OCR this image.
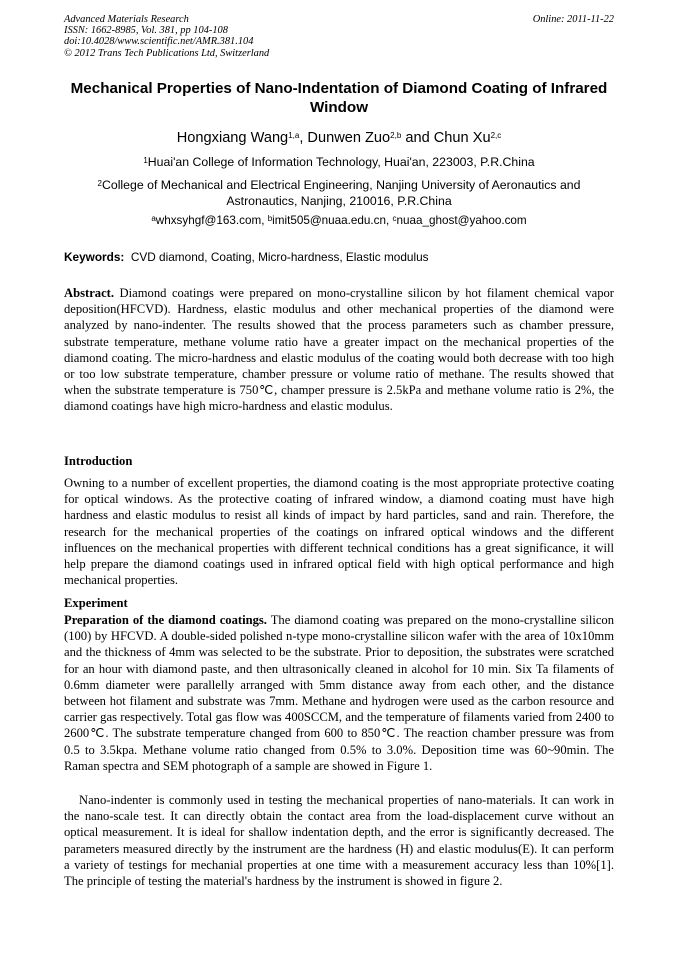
Advanced Materials Research
ISSN: 1662-8985, Vol. 381, pp 104-108
doi:10.4028/www.scientific.net/AMR.381.104
© 2012 Trans Tech Publications Ltd, Switzerland
Online: 2011-11-22
Mechanical Properties of Nano-Indentation of Diamond Coating of Infrared Window
Hongxiang Wang$^{1,a}$, Dunwen Zuo$^{2,b}$ and Chun Xu$^{2,c}$
$^1$Huai'an College of Information Technology, Huai'an, 223003, P.R.China
$^2$College of Mechanical and Electrical Engineering, Nanjing University of Aeronautics and Astronautics, Nanjing, 210016, P.R.China
$^a$whxsyhgf@163.com, $^b$imit505@nuaa.edu.cn, $^c$nuaa_ghost@yahoo.com
Keywords: CVD diamond, Coating, Micro-hardness, Elastic modulus
Abstract. Diamond coatings were prepared on mono-crystalline silicon by hot filament chemical vapor deposition(HFCVD). Hardness, elastic modulus and other mechanical properties of the diamond were analyzed by nano-indenter. The results showed that the process parameters such as chamber pressure, substrate temperature, methane volume ratio have a greater impact on the mechanical properties of the diamond coating. The micro-hardness and elastic modulus of the coating would both decrease with too high or too low substrate temperature, chamber pressure or volume ratio of methane. The results showed that when the substrate temperature is 750℃, champer pressure is 2.5kPa and methane volume ratio is 2%, the diamond coatings have high micro-hardness and elastic modulus.
Introduction
Owning to a number of excellent properties, the diamond coating is the most appropriate protective coating for optical windows. As the protective coating of infrared window, a diamond coating must have high hardness and elastic modulus to resist all kinds of impact by hard particles, sand and rain. Therefore, the research for the mechanical properties of the coatings on infrared optical windows and the different influences on the mechanical properties with different technical conditions has a great significance, it will help prepare the diamond coatings used in infrared optical field with high optical performance and high mechanical properties.
Experiment
Preparation of the diamond coatings. The diamond coating was prepared on the mono-crystalline silicon (100) by HFCVD. A double-sided polished n-type mono-crystalline silicon wafer with the area of 10x10mm and the thickness of 4mm was selected to be the substrate. Prior to deposition, the substrates were scratched for an hour with diamond paste, and then ultrasonically cleaned in alcohol for 10 min. Six Ta filaments of 0.6mm diameter were parallelly arranged with 5mm distance away from each other, and the distance between hot filament and substrate was 7mm. Methane and hydrogen were used as the carbon resource and carrier gas respectively. Total gas flow was 400SCCM, and the temperature of filaments varied from 2400 to 2600℃. The substrate temperature changed from 600 to 850℃. The reaction chamber pressure was from 0.5 to 3.5kpa. Methane volume ratio changed from 0.5% to 3.0%. Deposition time was 60~90min. The Raman spectra and SEM photograph of a sample are showed in Figure 1.
Nano-indenter is commonly used in testing the mechanical properties of nano-materials. It can work in the nano-scale test. It can directly obtain the contact area from the load-displacement curve without an optical measurement. It is ideal for shallow indentation depth, and the error is significantly decreased. The parameters measured directly by the instrument are the hardness (H) and elastic modulus(E). It can perform a variety of testings for mechanial properties at one time with a measurement accuracy less than 10%[1]. The principle of testing the material's hardness by the instrument is showed in figure 2.
